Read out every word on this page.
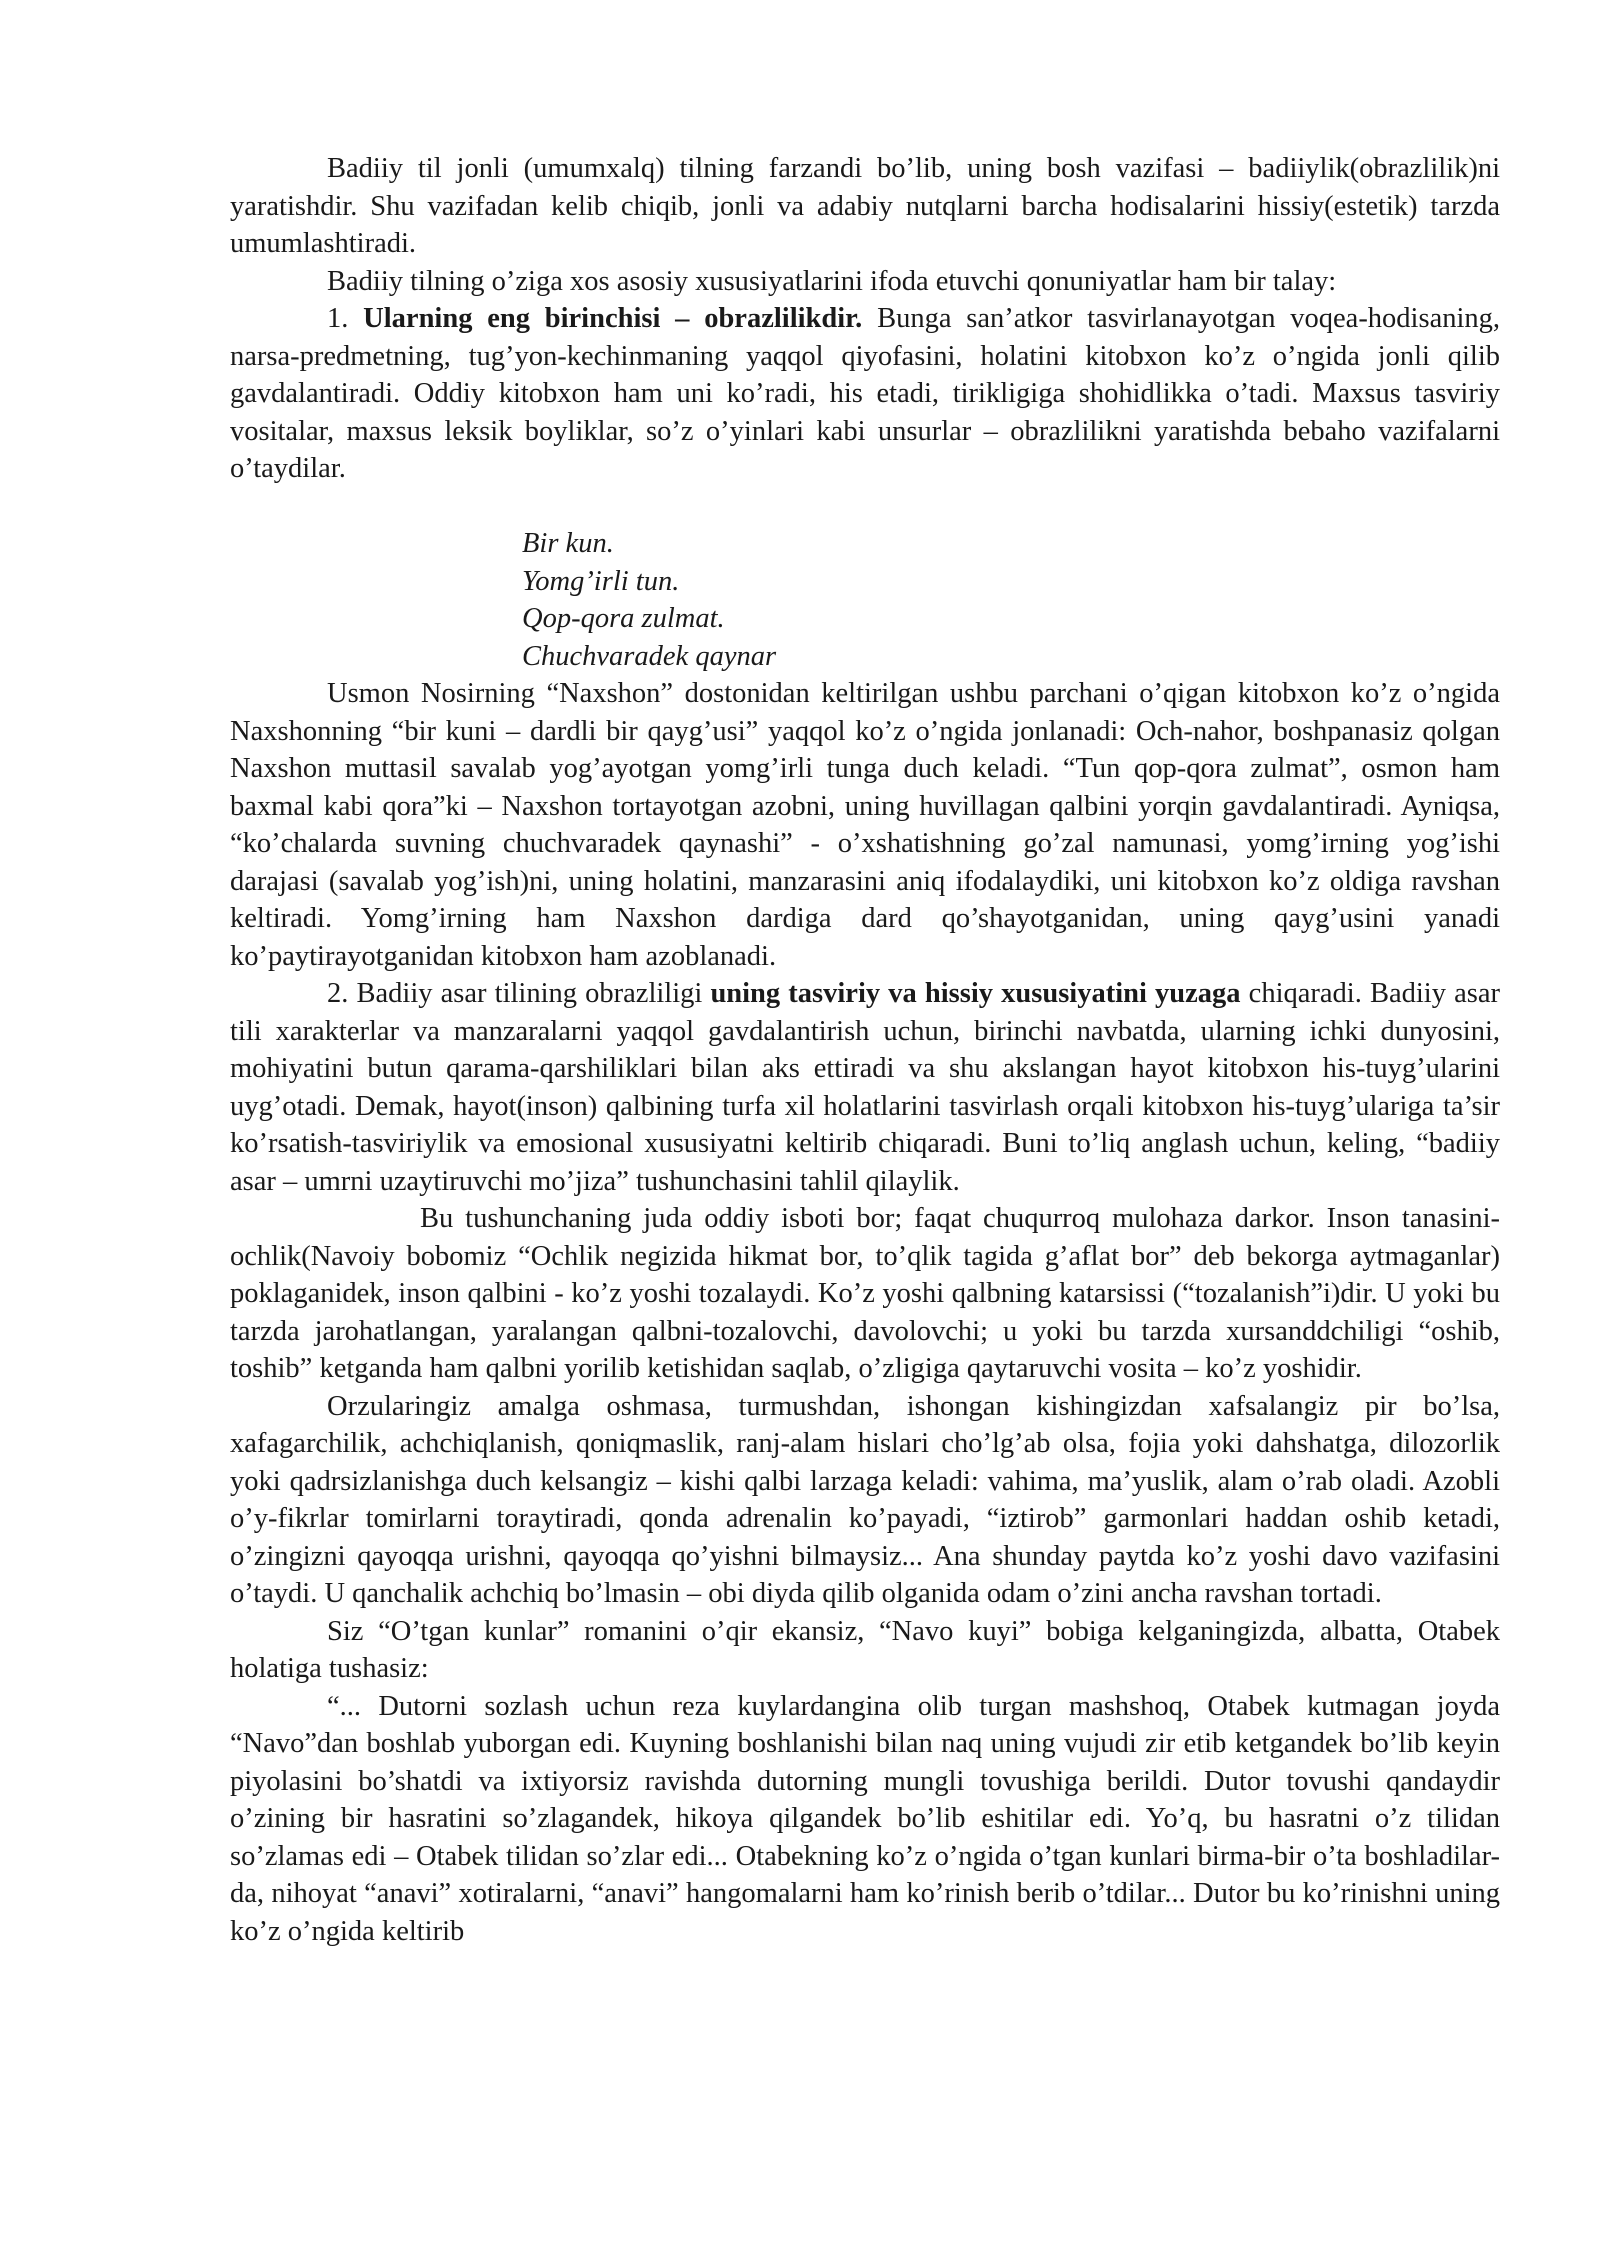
Badiiy til jonli (umumxalq) tilning farzandi bo’lib, uning bosh vazifasi – badiiylik(obrazlilik)ni yaratishdir. Shu vazifadan kelib chiqib, jonli va adabiy nutqlarni barcha hodisalarini hissiy(estetik) tarzda umumlashtiradi.

Badiiy tilning o’ziga xos asosiy xususiyatlarini ifoda etuvchi qonuniyatlar ham bir talay:

1. Ularning eng birinchisi – obrazlilikdir. Bunga san’atkor tasvirlanayotgan voqea-hodisaning, narsa-predmetning, tug’yon-kechinmaning yaqqol qiyofasini, holatini kitobxon ko’z o’ngida jonli qilib gavdalantiradi. Oddiy kitobxon ham uni ko’radi, his etadi, tirikligiga shohidlikka o’tadi. Maxsus tasviriy vositalar, maxsus leksik boyliklar, so’z o’yinlari kabi unsurlar – obrazlilikni yaratishda bebaho vazifalarni o’taydilar.

Bir kun.
Yomg’irli tun.
Qop-qora zulmat.
Chuchvaradek qaynar

Usmon Nosirning “Naxshon” dostonidan keltirilgan ushbu parchani o’qigan kitobxon ko’z o’ngida Naxshonning “bir kuni – dardli bir qayg’usi” yaqqol ko’z o’ngida jonlanadi: Och-nahor, boshpanasiz qolgan Naxshon muttasil savalab yog’ayotgan yomg’irli tunga duch keladi. “Tun qop-qora zulmat”, osmon ham baxmal kabi qora”ki – Naxshon tortayotgan azobni, uning huvillagan qalbini yorqin gavdalantiradi. Ayniqsa, “ko’chalarda suvning chuchvaradek qaynashi” - o’xshatishning go’zal namunasi, yomg’irning yog’ishi darajasi (savalab yog’ish)ni, uning holatini, manzarasini aniq ifodalaydiki, uni kitobxon ko’z oldiga ravshan keltiradi. Yomg’irning ham Naxshon dardiga dard qo’shayotganidan, uning qayg’usini yanadi ko’paytirayotganidan kitobxon ham azoblanadi.

2. Badiiy asar tilining obrazliligi uning tasviriy va hissiy xususiyatini yuzaga chiqaradi. Badiiy asar tili xarakterlar va manzaralarni yaqqol gavdalantirish uchun, birinchi navbatda, ularning ichki dunyosini, mohiyatini butun qarama-qarshiliklari bilan aks ettiradi va shu akslangan hayot kitobxon his-tuyg’ularini uyg’otadi. Demak, hayot(inson) qalbining turfa xil holatlarini tasvirlash orqali kitobxon his-tuyg’ulariga ta’sir ko’rsatish-tasviriylik va emosional xususiyatni keltirib chiqaradi. Buni to’liq anglash uchun, keling, “badiiy asar – umrni uzaytiruvchi mo’jiza” tushunchasini tahlil qilaylik.

Bu tushunchaning juda oddiy isboti bor; faqat chuqurroq mulohaza darkor. Inson tanasini-ochlik(Navoiy bobomiz “Ochlik negizida hikmat bor, to’qlik tagida g’aflat bor” deb bekorga aytmaganlar) poklaganidek, inson qalbini - ko’z yoshi tozalaydi. Ko’z yoshi qalbning katarsissi (“tozalanish”i)dir. U yoki bu tarzda jarohatlangan, yaralangan qalbni-tozalovchi, davolovchi; u yoki bu tarzda xursanddchiligi “oshib, toshib” ketganda ham qalbni yorilib ketishidan saqlab, o’zligiga qaytaruvchi vosita – ko’z yoshidir.

Orzularingiz amalga oshmasa, turmushdan, ishongan kishingizdan xafsalangiz pir bo’lsa, xafagarchilik, achchiqlanish, qoniqmaslik, ranj-alam hislari cho’lg’ab olsa, fojia yoki dahshatga, dilozorlik yoki qadrsizlanishga duch kelsangiz – kishi qalbi larzaga keladi: vahima, ma’yuslik, alam o’rab oladi. Azobli o’y-fikrlar tomirlarni toraytiradi, qonda adrenalin ko’payadi, “iztirob” garmonlari haddan oshib ketadi, o’zingizni qayoqqa urishni, qayoqqa qo’yishni bilmaysiz... Ana shunday paytda ko’z yoshi davo vazifasini o’taydi. U qanchalik achchiq bo’lmasin – obi diyda qilib olganida odam o’zini ancha ravshan tortadi.

Siz “O’tgan kunlar” romanini o’qir ekansiz, “Navo kuyi” bobiga kelganingizda, albatta, Otabek holatiga tushasiz:

“... Dutorni sozlash uchun reza kuylardangina olib turgan mashshoq, Otabek kutmagan joyda “Navo”dan boshlab yuborgan edi. Kuyning boshlanishi bilan naq uning vujudi zir etib ketgandek bo’lib keyin piyolasini bo’shatdi va ixtiyorsiz ravishda dutorning mungli tovushiga berildi. Dutor tovushi qandaydir o’zining bir hasratini so’zlagandek, hikoya qilgandek bo’lib eshitilar edi. Yo’q, bu hasratni o’z tilidan so’zlamas edi – Otabek tilidan so’zlar edi... Otabekning ko’z o’ngida o’tgan kunlari birma-bir o’ta boshladilar-da, nihoyat “anavi” xotiralarni, “anavi” hangomalarni ham ko’rinish berib o’tdilar... Dutor bu ko’rinishni uning ko’z o’ngida keltirib
